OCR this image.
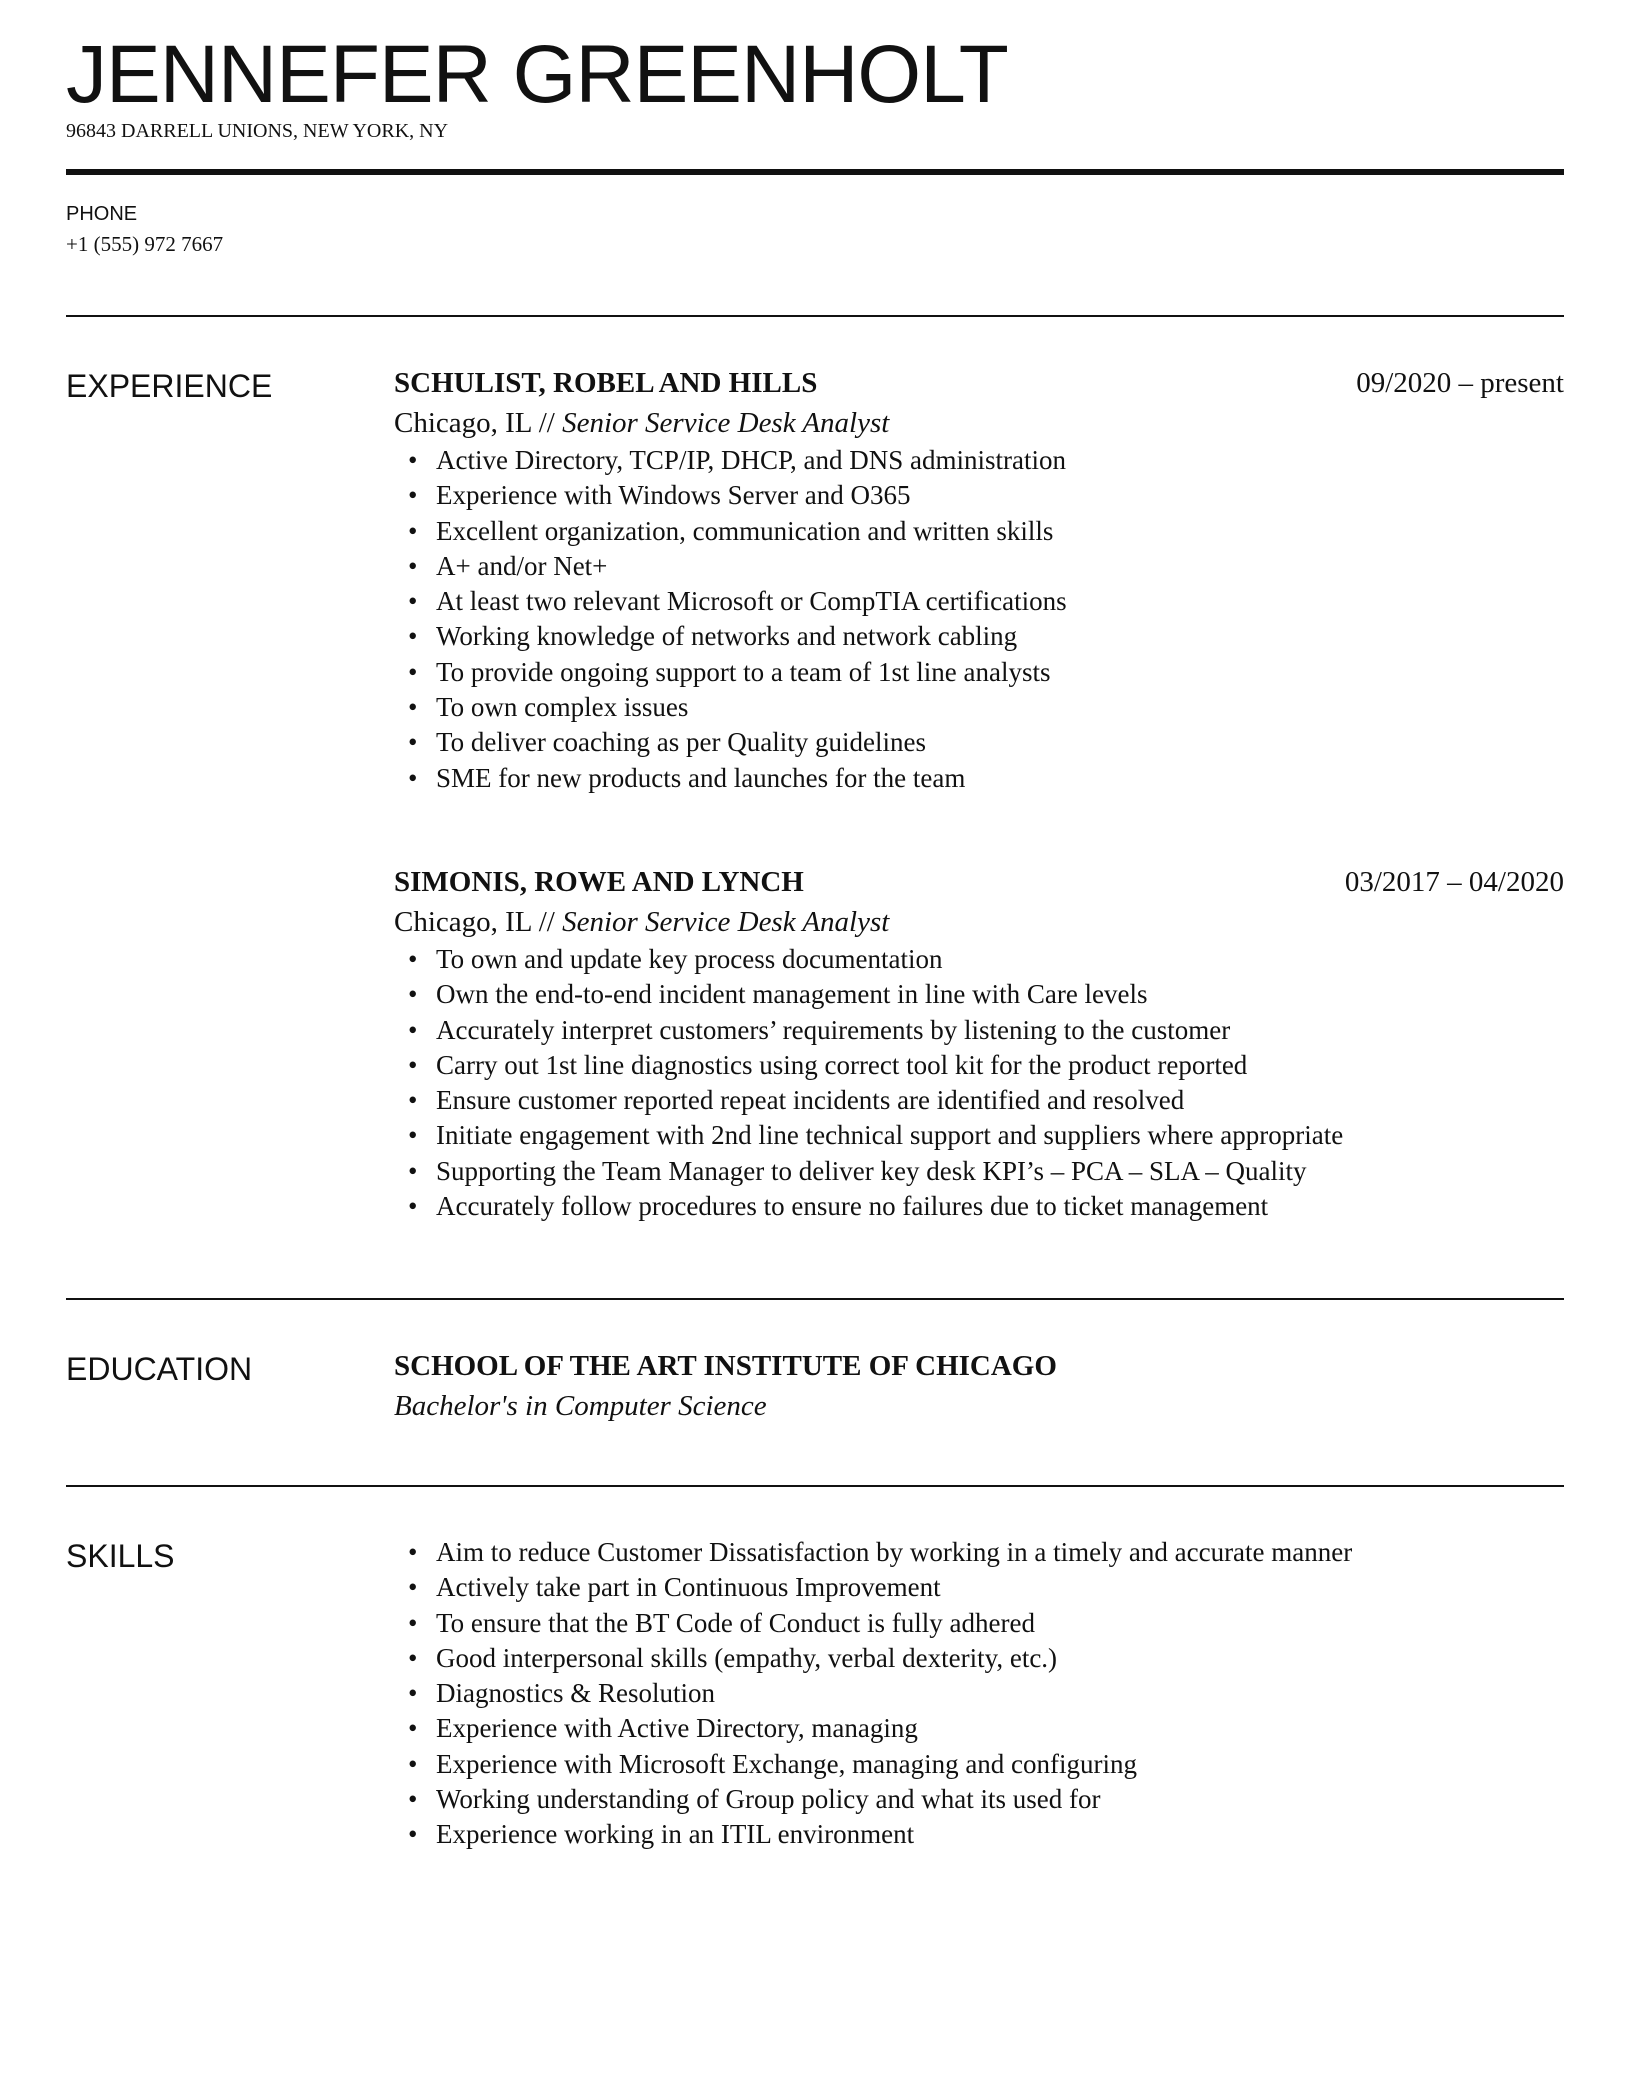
JENNEFER GREENHOLT
96843 DARRELL UNIONS, NEW YORK, NY
PHONE
+1 (555) 972 7667
EXPERIENCE	SCHULIST, ROBEL AND HILLS	09/2020 – present
Chicago, IL // Senior Service Desk Analyst
• Active Directory, TCP/IP, DHCP, and DNS administration
• Experience with Windows Server and O365
• Excellent organization, communication and written skills
• A+ and/or Net+
• At least two relevant Microsoft or CompTIA certifications
• Working knowledge of networks and network cabling
• To provide ongoing support to a team of 1st line analysts
• To own complex issues
• To deliver coaching as per Quality guidelines
• SME for new products and launches for the team
SIMONIS, ROWE AND LYNCH	03/2017 – 04/2020
Chicago, IL // Senior Service Desk Analyst
• To own and update key process documentation
• Own the end-to-end incident management in line with Care levels
• Accurately interpret customers’ requirements by listening to the customer
• Carry out 1st line diagnostics using correct tool kit for the product reported
• Ensure customer reported repeat incidents are identified and resolved
• Initiate engagement with 2nd line technical support and suppliers where appropriate
• Supporting the Team Manager to deliver key desk KPI’s – PCA – SLA – Quality
• Accurately follow procedures to ensure no failures due to ticket management
EDUCATION	SCHOOL OF THE ART INSTITUTE OF CHICAGO
Bachelor's in Computer Science
SKILLS
•	Aim to reduce Customer Dissatisfaction by working in a timely and accurate manner
• Actively take part in Continuous Improvement
• To ensure that the BT Code of Conduct is fully adhered
• Good interpersonal skills (empathy, verbal dexterity, etc.)
• Diagnostics & Resolution
• Experience with Active Directory, managing
• Experience with Microsoft Exchange, managing and configuring
• Working understanding of Group policy and what its used for
• Experience working in an ITIL environment
